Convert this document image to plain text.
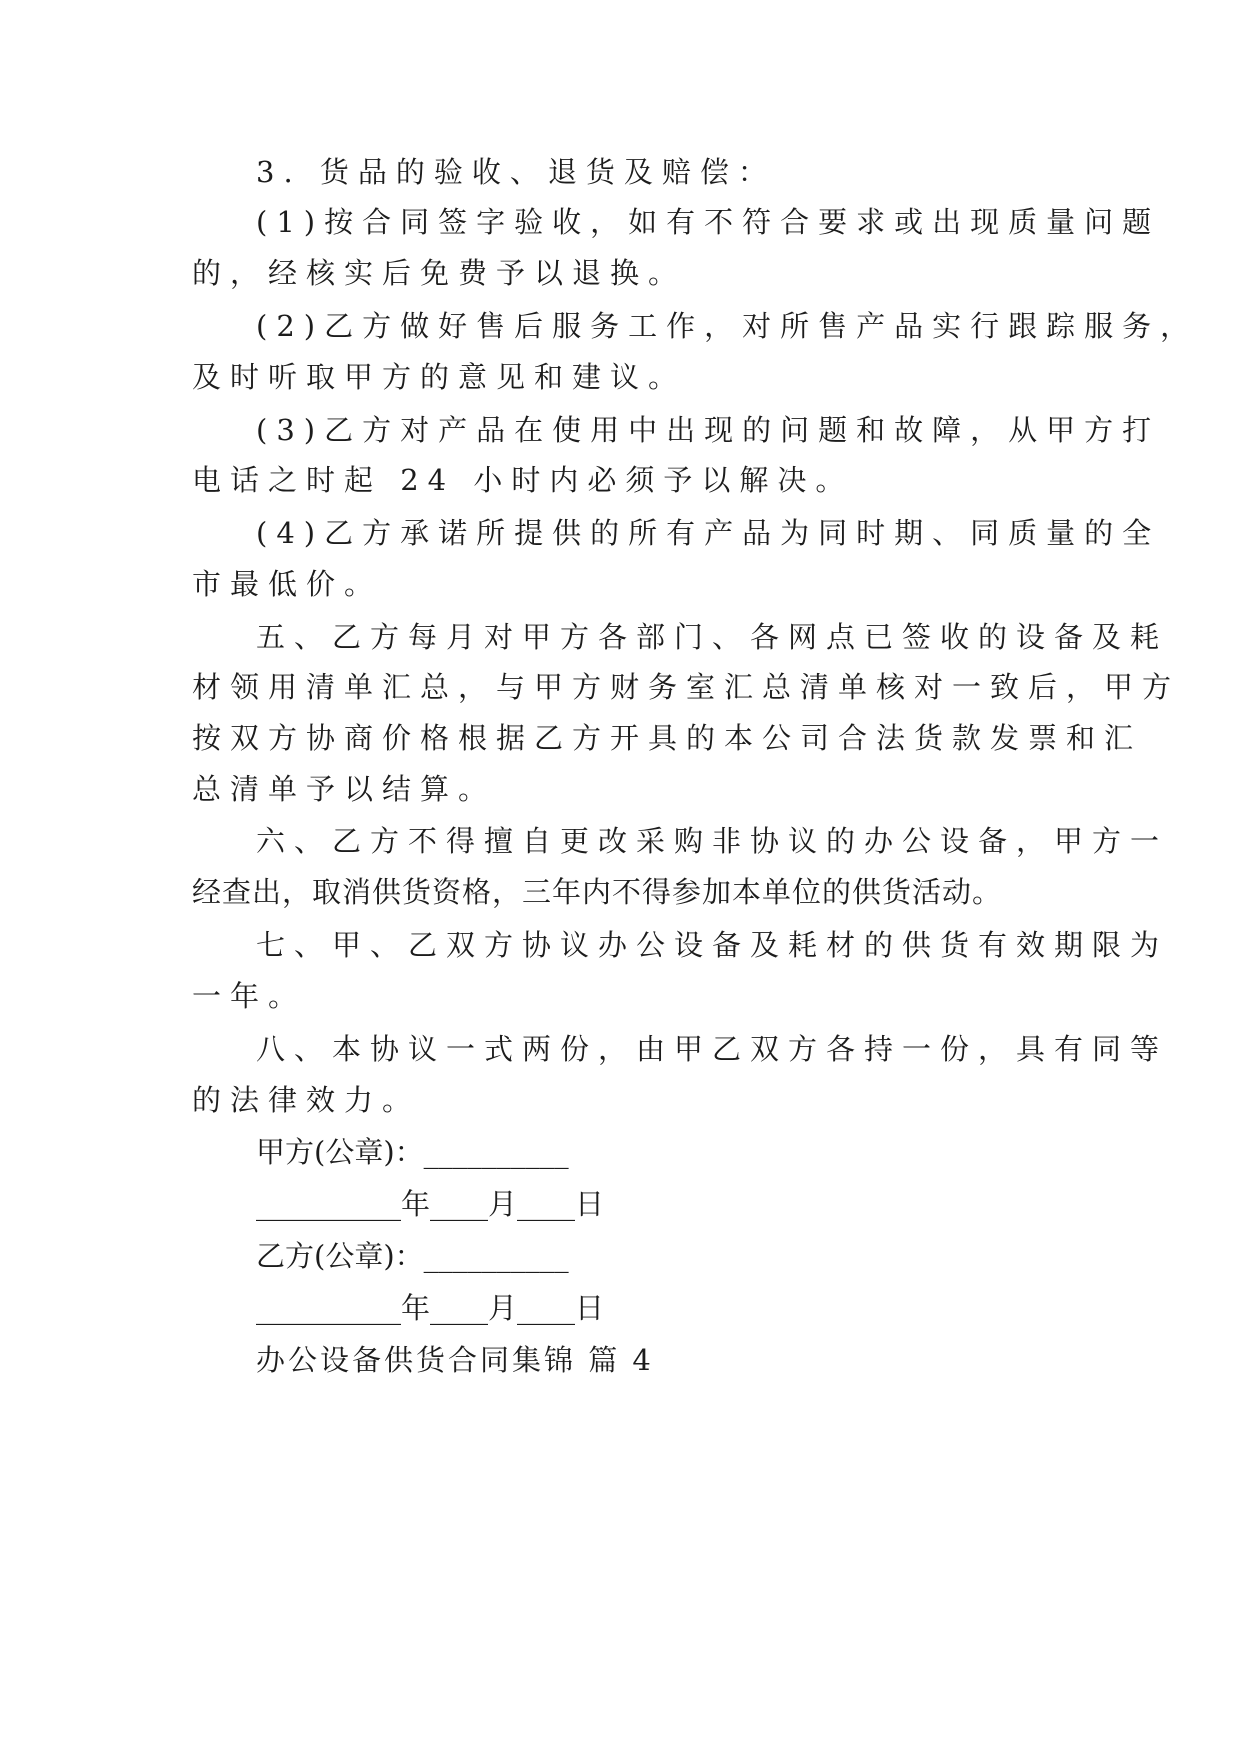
3. 货品的验收、退货及赔偿：
(1)按合同签字验收，如有不符合要求或出现质量问题
的，经核实后免费予以退换。
(2)乙方做好售后服务工作，对所售产品实行跟踪服务，
及时听取甲方的意见和建议。
(3)乙方对产品在使用中出现的问题和故障，从甲方打
电话之时起 24 小时内必须予以解决。
(4)乙方承诺所提供的所有产品为同时期、同质量的全
市最低价。
五、乙方每月对甲方各部门、各网点已签收的设备及耗
材领用清单汇总，与甲方财务室汇总清单核对一致后，甲方
按双方协商价格根据乙方开具的本公司合法货款发票和汇
总清单予以结算。
六、乙方不得擅自更改采购非协议的办公设备，甲方一
经查出，取消供货资格，三年内不得参加本单位的供货活动。
七、甲、乙双方协议办公设备及耗材的供货有效期限为
一年。
八、本协议一式两份，由甲乙双方各持一份，具有同等
的法律效力。
甲方(公章)：__________
__________年____月____日
乙方(公章)：__________
__________年____月____日
办公设备供货合同集锦 篇 4
